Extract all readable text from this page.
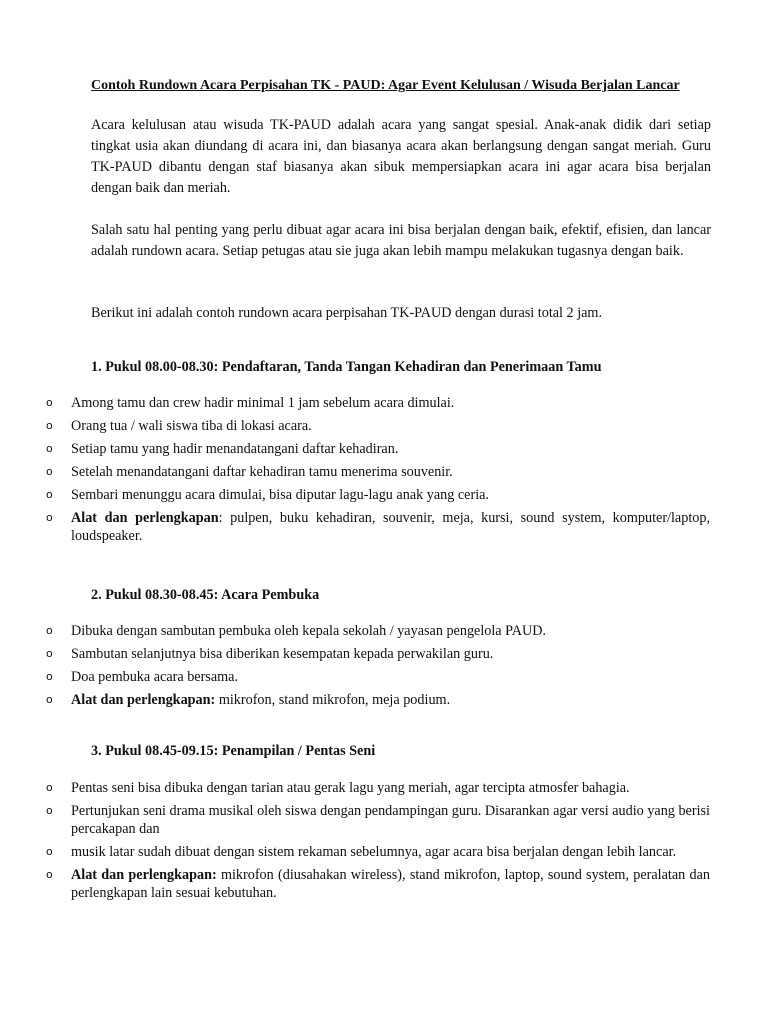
Contoh Rundown Acara Perpisahan TK - PAUD: Agar Event Kelulusan / Wisuda Berjalan Lancar

Acara kelulusan atau wisuda TK-PAUD adalah acara yang sangat spesial. Anak-anak didik dari setiap tingkat usia akan diundang di acara ini, dan biasanya acara akan berlangsung dengan sangat meriah. Guru TK-PAUD dibantu dengan staf biasanya akan sibuk mempersiapkan acara ini agar acara bisa berjalan dengan baik dan meriah.

Salah satu hal penting yang perlu dibuat agar acara ini bisa berjalan dengan baik, efektif, efisien, dan lancar adalah rundown acara. Setiap petugas atau sie juga akan lebih mampu melakukan tugasnya dengan baik.

Berikut ini adalah contoh rundown acara perpisahan TK-PAUD dengan durasi total 2 jam.

1. Pukul 08.00-08.30: Pendaftaran, Tanda Tangan Kehadiran dan Penerimaan Tamu
o Among tamu dan crew hadir minimal 1 jam sebelum acara dimulai.
o Orang tua / wali siswa tiba di lokasi acara.
o Setiap tamu yang hadir menandatangani daftar kehadiran.
o Setelah menandatangani daftar kehadiran tamu menerima souvenir.
o Sembari menunggu acara dimulai, bisa diputar lagu-lagu anak yang ceria.
o Alat dan perlengkapan: pulpen, buku kehadiran, souvenir, meja, kursi, sound system, komputer/laptop, loudspeaker.
2. Pukul 08.30-08.45: Acara Pembuka
o Dibuka dengan sambutan pembuka oleh kepala sekolah / yayasan pengelola PAUD.
o Sambutan selanjutnya bisa diberikan kesempatan kepada perwakilan guru.
o Doa pembuka acara bersama.
o Alat dan perlengkapan: mikrofon, stand mikrofon, meja podium.
3. Pukul 08.45-09.15: Penampilan / Pentas Seni
o Pentas seni bisa dibuka dengan tarian atau gerak lagu yang meriah, agar tercipta atmosfer bahagia.
o Pertunjukan seni drama musikal oleh siswa dengan pendampingan guru. Disarankan agar versi audio yang berisi percakapan dan
o musik latar sudah dibuat dengan sistem rekaman sebelumnya, agar acara bisa berjalan dengan lebih lancar.
o Alat dan perlengkapan: mikrofon (diusahakan wireless), stand mikrofon, laptop, sound system, peralatan dan perlengkapan lain sesuai kebutuhan.
